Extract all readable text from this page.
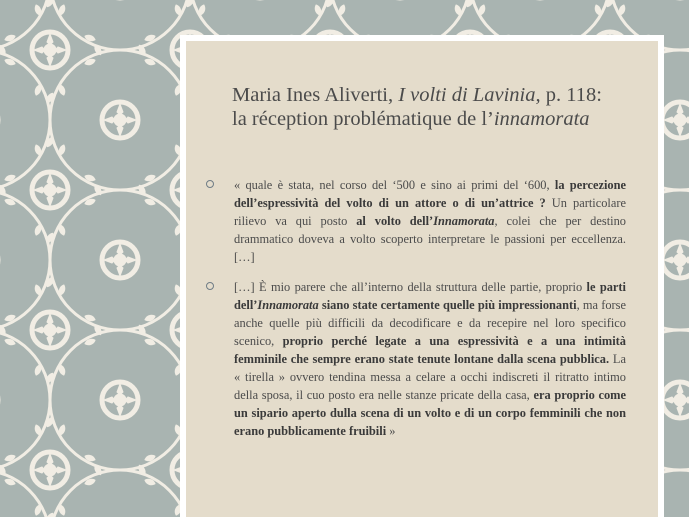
Maria Ines Aliverti, I volti di Lavinia, p. 118:
la réception problématique de l’innamorata
« quale è stata, nel corso del ‘500 e sino ai primi del ‘600, la percezione dell’espressività del volto di un attore o di un’attrice ? Un particolare rilievo va qui posto al volto dell’Innamorata, colei che per destino drammatico doveva a volto scoperto interpretare le passioni per eccellenza. […]
[…] È mio parere che all’interno della struttura delle partie, proprio le parti dell’Innamorata siano state certamente quelle più impressionanti, ma forse anche quelle più difficili da decodificare e da recepire nel loro specifico scenico, proprio perché legate a una espressività e a una intimità femminile che sempre erano state tenute lontane dalla scena pubblica. La « tirella » ovvero tendina messa a celare a occhi indiscreti il ritratto intimo della sposa, il cuo posto era nelle stanze pricate della casa, era proprio come un sipario aperto dulla scena di un volto e di un corpo femminili che non erano pubblicamente fruibili »
